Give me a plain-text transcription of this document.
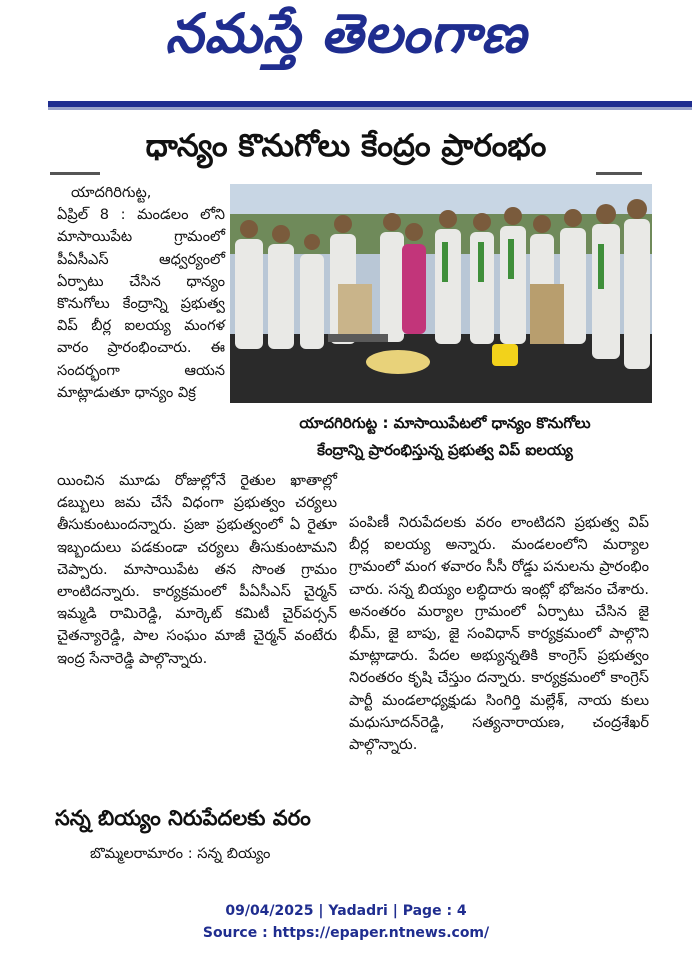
నమస్తే తెలంగాణ
ధాన్యం కొనుగోలు కేంద్రం ప్రారంభం

యాదగిరిగుట్ట,

ఏప్రిల్ 8 : మండలం లోని మాసాయిపేట గ్రామంలో పీఏసీఎస్ ఆధ్వర్యంలో ఏర్పాటు చేసిన ధాన్యం కొనుగోలు కేంద్రాన్ని ప్రభుత్వ విప్ బీర్ల ఐలయ్య మంగళ వారం ప్రారంభించారు. ఈ సందర్భంగా ఆయన మాట్లాడుతూ ధాన్యం విక్ర

యాదగిరిగుట్ట : మాసాయిపేటలో ధాన్యం కొనుగోలు
కేంద్రాన్ని ప్రారంభిస్తున్న ప్రభుత్వ విప్ ఐలయ్య

యించిన మూడు రోజుల్లోనే రైతుల ఖాతాల్లో డబ్బులు జమ చేసే విధంగా ప్రభుత్వం చర్యలు తీసుకుంటుందన్నారు. ప్రజా ప్రభుత్వంలో ఏ రైతూ ఇబ్బందులు పడకుండా చర్యలు తీసుకుంటామని చెప్పారు. మాసాయిపేట తన సొంత గ్రామం లాంటిదన్నారు. కార్యక్రమంలో పీఏసీఎస్ చైర్మన్ ఇమ్మడి రామిరెడ్డి, మార్కెట్ కమిటీ చైర్‌పర్సన్ చైతన్యారెడ్డి, పాల సంఘం మాజీ చైర్మన్ వంటేరు ఇంద్ర సేనారెడ్డి పాల్గొన్నారు.

పంపిణీ నిరుపేదలకు వరం లాంటిదని ప్రభుత్వ విప్ బీర్ల ఐలయ్య అన్నారు. మండలంలోని మర్యాల గ్రామంలో మంగ ళవారం సీసీ రోడ్డు పనులను ప్రారంభిం చారు. సన్న బియ్యం లబ్ధిదారు ఇంట్లో భోజనం చేశారు. అనంతరం మర్యాల గ్రామంలో ఏర్పాటు చేసిన జై భీమ్, జై బాపు, జై సంవిధాన్ కార్యక్రమంలో పాల్గొని మాట్లాడారు. పేదల అభ్యున్నతికి కాంగ్రెస్ ప్రభుత్వం నిరంతరం కృషి చేస్తుం దన్నారు. కార్యక్రమంలో కాంగ్రెస్ పార్టీ మండలాధ్యక్షుడు సింగిర్తి మల్లేశ్, నాయ కులు మధుసూదన్‌రెడ్డి, సత్యనారాయణ, చంద్రశేఖర్ పాల్గొన్నారు.

సన్న బియ్యం నిరుపేదలకు వరం
బొమ్మలరామారం : సన్న బియ్యం
09/04/2025 | Yadadri | Page : 4
Source : https://epaper.ntnews.com/
